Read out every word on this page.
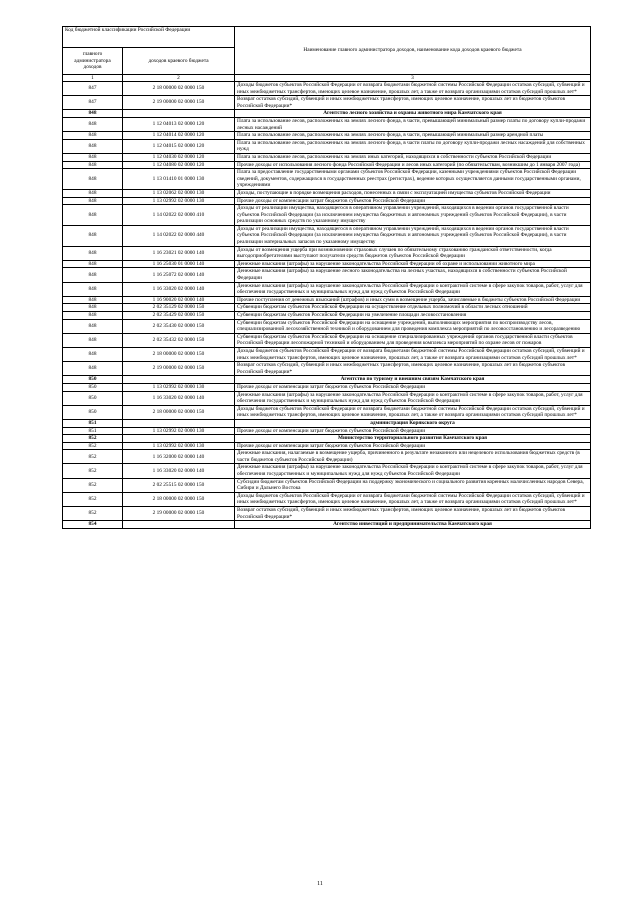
Код бюджетной классификации Российской Федерации		Наименование главного администратора доходов, наименование кода доходов краевого бюджета
главного администратора доходов	доходов краевого бюджета	
1	2	3
847	2 18 00000 02 0000 150	Доходы бюджетов субъектов Российской Федерации от возврата бюджетами бюджетной системы Российской Федерации остатков субсидий, субвенций и иных межбюджетных трансфертов, имеющих целевое назначение, прошлых лет, а также от возврата организациями остатков субсидий прошлых лет*
847	2 19 00000 02 0000 150	Возврат остатков субсидий, субвенций и иных межбюджетных трансфертов, имеющих целевое назначение, прошлых лет из бюджетов субъектов Российской Федерации*
848		Агентство лесного хозяйства и охраны животного мира Камчатского края
848	1 12 04013 02 0000 120	Плата за использование лесов, расположенных на землях лесного фонда, в части, превышающей минимальный размер платы по договору купли-продажи лесных насаждений
848	1 12 04014 02 0000 120	Плата за использование лесов, расположенных на землях лесного фонда, в части, превышающей минимальный размер арендной платы
848	1 12 04015 02 0000 120	Плата за использование лесов, расположенных на землях лесного фонда, в части платы по договору купли-продажи лесных насаждений для собственных нужд
848	1 12 04030 02 0000 120	Плата за использование лесов, расположенных на землях иных категорий, находящихся в собственности субъектов Российской Федерации
848	1 12 04080 02 0000 120	Прочие доходы от использования лесного фонда Российской Федерации и лесов иных категорий (по обязательствам, возникшим до 1 января 2007 года)
848	1 13 01410 01 0000 130	Плата за предоставление государственными органами субъектов Российской Федерации, казенными учреждениями субъектов Российской Федерации сведений, документов, содержащихся в государственных реестрах (регистрах), ведение которых осуществляется данными государственными органами, учреждениями
848	1 13 02062 02 0000 130	Доходы, поступающие в порядке возмещения расходов, понесенных в связи с эксплуатацией имущества субъектов Российской Федерации
848	1 13 02992 02 0000 130	Прочие доходы от компенсации затрат бюджетов субъектов Российской Федерации
848	1 14 02022 02 0000 410	Доходы от реализации имущества, находящегося в оперативном управлении учреждений, находящихся в ведении органов государственной власти субъектов Российской Федерации (за исключением имущества бюджетных и автономных учреждений субъектов Российской Федерации), в части реализации основных средств по указанному имуществу
848	1 14 02022 02 0000 440	Доходы от реализации имущества, находящегося в оперативном управлении учреждений, находящихся в ведении органов государственной власти субъектов Российской Федерации (за исключением имущества бюджетных и автономных учреждений субъектов Российской Федерации), в части реализации материальных запасов по указанному имуществу
848	1 16 23021 02 0000 140	Доходы от возмещения ущерба при возникновении страховых случаев по обязательному страхованию гражданской ответственности, когда выгодоприобретателями выступают получатели средств бюджетов субъектов Российской Федерации
848	1 16 25030 01 0000 140	Денежные взыскания (штрафы) за нарушение законодательства Российской Федерации об охране и использовании животного мира
848	1 16 25072 02 0000 140	Денежные взыскания (штрафы) за нарушение лесного законодательства на лесных участках, находящихся в собственности субъектов Российской Федерации
848	1 16 33020 02 0000 140	Денежные взыскания (штрафы) за нарушение законодательства Российской Федерации о контрактной системе в сфере закупок товаров, работ, услуг для обеспечения государственных и муниципальных нужд для нужд субъектов Российской Федерации
848	1 16 90020 02 0000 140	Прочие поступления от денежных взысканий (штрафов) и иных сумм в возмещение ущерба, зачисляемые в бюджеты субъектов Российской Федерации
848	2 02 35129 02 0000 150	Субвенции бюджетам субъектов Российской Федерации на осуществление отдельных полномочий в области лесных отношений
848	2 02 35429 02 0000 150	Субвенции бюджетам субъектов Российской Федерации на увеличение площади лесовосстановления
848	2 02 35430 02 0000 150	Субвенции бюджетам субъектов Российской Федерации на оснащение учреждений, выполняющих мероприятия по воспроизводству лесов, специализированной лесохозяйственной техникой и оборудованием для проведения комплекса мероприятий по лесовосстановлению и лесоразведению
848	2 02 35432 02 0000 150	Субвенции бюджетам субъектов Российской Федерации на оснащение специализированных учреждений органов государственной власти субъектов Российской Федерации лесопожарной техникой и оборудованием для проведения комплекса мероприятий по охране лесов от пожаров
848	2 18 00000 02 0000 150	Доходы бюджетов субъектов Российской Федерации от возврата бюджетами бюджетной системы Российской Федерации остатков субсидий, субвенций и иных межбюджетных трансфертов, имеющих целевое назначение, прошлых лет, а также от возврата организациями остатков субсидий прошлых лет*
848	2 19 00000 02 0000 150	Возврат остатков субсидий, субвенций и иных межбюджетных трансфертов, имеющих целевое назначение, прошлых лет из бюджетов субъектов Российской Федерации*
850		Агентство по туризму и внешним связям Камчатского края
850	1 13 02992 02 0000 130	Прочие доходы от компенсации затрат бюджетов субъектов Российской Федерации
850	1 16 33020 02 0000 140	Денежные взыскания (штрафы) за нарушение законодательства Российской Федерации о контрактной системе в сфере закупок товаров, работ, услуг для обеспечения государственных и муниципальных нужд для нужд субъектов Российской Федерации
850	2 18 00000 02 0000 150	Доходы бюджетов субъектов Российской Федерации от возврата бюджетами бюджетной системы Российской Федерации остатков субсидий, субвенций и иных межбюджетных трансфертов, имеющих целевое назначение, прошлых лет, а также от возврата организациями остатков субсидий прошлых лет*
851		администрация Корякского округа
851	1 13 02992 02 0000 130	Прочие доходы от компенсации затрат бюджетов субъектов Российской Федерации
852		Министерство территориального развития Камчатского края
852	1 13 02992 02 0000 130	Прочие доходы от компенсации затрат бюджетов субъектов Российской Федерации
852	1 16 32000 02 0000 140	Денежные взыскания, налагаемые в возмещение ущерба, причиненного в результате незаконного или нецелевого использования бюджетных средств (в части бюджетов субъектов Российской Федерации)
852	1 16 33020 02 0000 140	Денежные взыскания (штрафы) за нарушение законодательства Российской Федерации о контрактной системе в сфере закупок товаров, работ, услуг для обеспечения государственных и муниципальных нужд для нужд субъектов Российской Федерации
852	2 02 25515 02 0000 150	Субсидии бюджетам субъектов Российской Федерации на поддержку экономического и социального развития коренных малочисленных народов Севера, Сибири и Дальнего Востока
852	2 18 00000 02 0000 150	Доходы бюджетов субъектов Российской Федерации от возврата бюджетами бюджетной системы Российской Федерации остатков субсидий, субвенций и иных межбюджетных трансфертов, имеющих целевое назначение, прошлых лет, а также от возврата организациями остатков субсидий прошлых лет*
852	2 19 00000 02 0000 150	Возврат остатков субсидий, субвенций и иных межбюджетных трансфертов, имеющих целевое назначение, прошлых лет из бюджетов субъектов Российской Федерации*
854		Агентство инвестиций и предпринимательства Камчатского края
11
